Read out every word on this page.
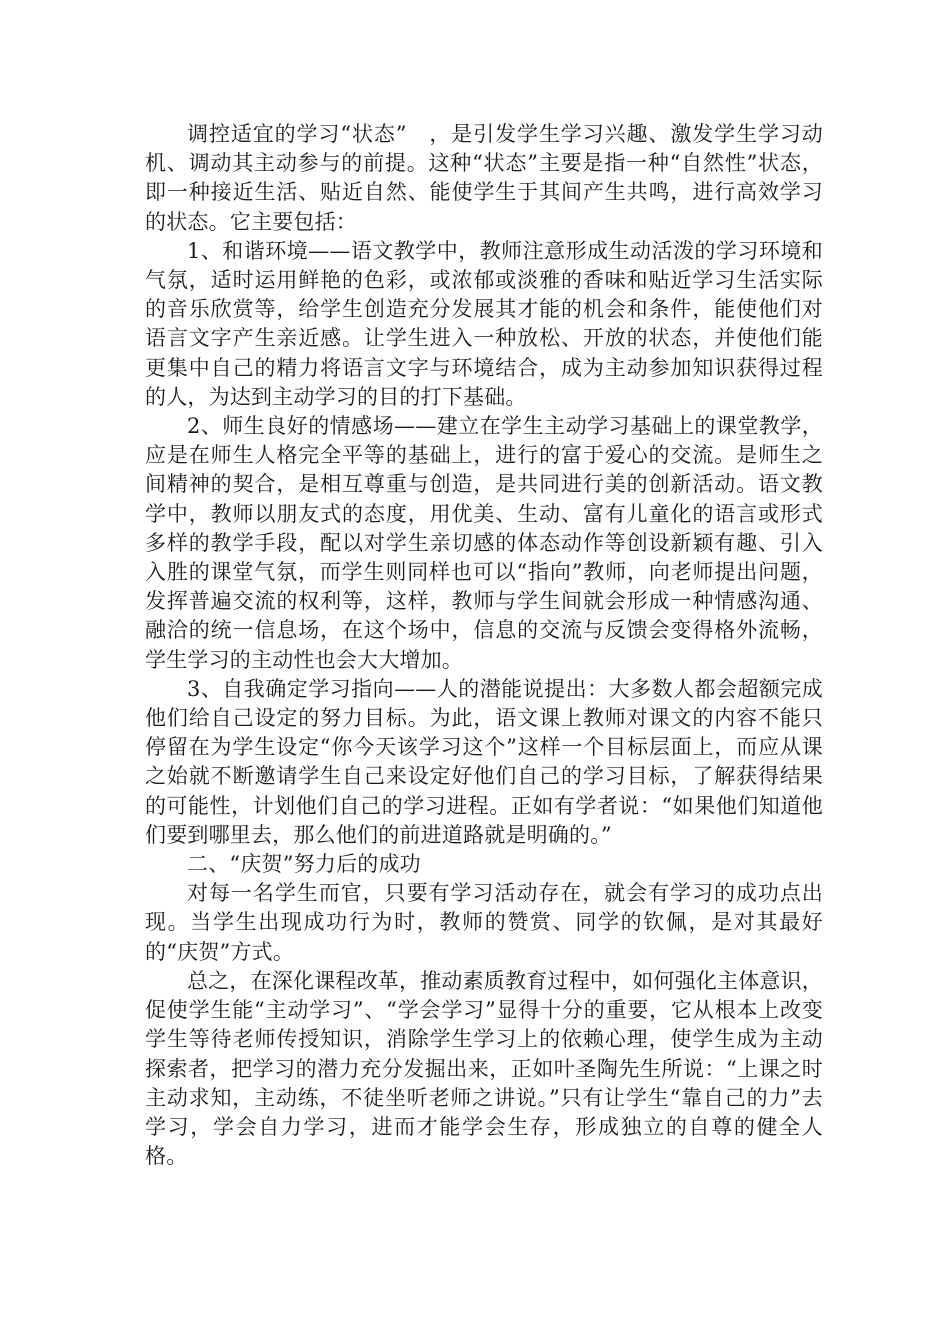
调控适宜的学习“状态”　，是引发学生学习兴趣、激发学生学习动机、调动其主动参与的前提。这种“状态”主要是指一种“自然性”状态，即一种接近生活、贴近自然、能使学生于其间产生共鸣，进行高效学习的状态。它主要包括：

1、和谐环境——语文教学中，教师注意形成生动活泼的学习环境和气氛，适时运用鲜艳的色彩，或浓郁或淡雅的香味和贴近学习生活实际的音乐欣赏等，给学生创造充分发展其才能的机会和条件，能使他们对语言文字产生亲近感。让学生进入一种放松、开放的状态，并使他们能更集中自己的精力将语言文字与环境结合，成为主动参加知识获得过程的人，为达到主动学习的目的打下基础。

2、师生良好的情感场——建立在学生主动学习基础上的课堂教学，应是在师生人格完全平等的基础上，进行的富于爱心的交流。是师生之间精神的契合，是相互尊重与创造，是共同进行美的创新活动。语文教学中，教师以朋友式的态度，用优美、生动、富有儿童化的语言或形式多样的教学手段，配以对学生亲切感的体态动作等创设新颖有趣、引入入胜的课堂气氛，而学生则同样也可以“指向”教师，向老师提出问题，发挥普遍交流的权利等，这样，教师与学生间就会形成一种情感沟通、融洽的统一信息场，在这个场中，信息的交流与反馈会变得格外流畅，学生学习的主动性也会大大增加。

3、自我确定学习指向——人的潜能说提出：大多数人都会超额完成他们给自己设定的努力目标。为此，语文课上教师对课文的内容不能只停留在为学生设定“你今天该学习这个”这样一个目标层面上，而应从课之始就不断邀请学生自己来设定好他们自己的学习目标，了解获得结果的可能性，计划他们自己的学习进程。正如有学者说：“如果他们知道他们要到哪里去，那么他们的前进道路就是明确的。”

二、“庆贺”努力后的成功

对每一名学生而官，只要有学习活动存在，就会有学习的成功点出现。当学生出现成功行为时，教师的赞赏、同学的钦佩，是对其最好的“庆贺”方式。

总之，在深化课程改革，推动素质教育过程中，如何强化主体意识，促使学生能“主动学习”、“学会学习”显得十分的重要，它从根本上改变学生等待老师传授知识，消除学生学习上的依赖心理，使学生成为主动探索者，把学习的潜力充分发掘出来，正如叶圣陶先生所说：“上课之时主动求知，主动练，不徒坐听老师之讲说。”只有让学生“靠自己的力”去学习，学会自力学习，进而才能学会生存，形成独立的自尊的健全人格。
